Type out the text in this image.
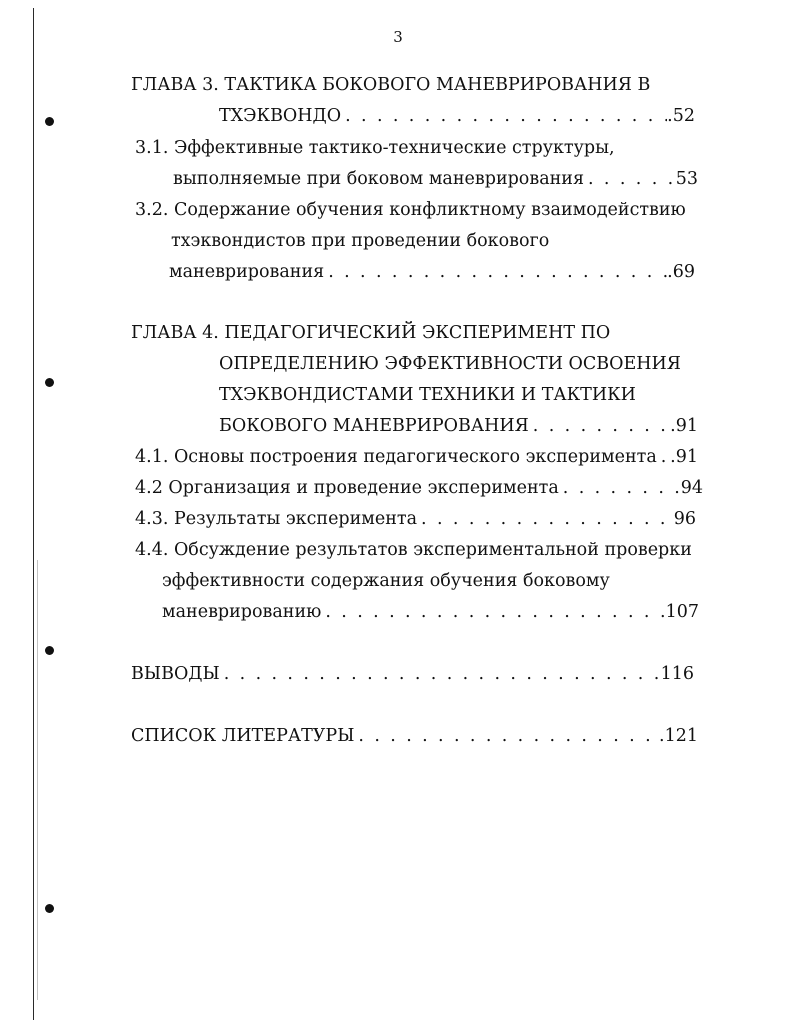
3
ГЛАВА 3. ТАКТИКА БОКОВОГО МАНЕВРИРОВАНИЯ В
ТХЭКВОНДО . . .	.52
3.1. Эффективные тактико-технические структуры,
выполняемые при боковом маневрирования . . .	53
3.2. Содержание обучения конфликтному взаимодействию
тхэквондистов при проведении бокового
маневрирования . . .	.69
ГЛАВА 4. ПЕДАГОГИЧЕСКИЙ ЭКСПЕРИМЕНТ ПО
ОПРЕДЕЛЕНИЮ ЭФФЕКТИВНОСТИ ОСВОЕНИЯ
ТХЭКВОНДИСТАМИ ТЕХНИКИ И ТАКТИКИ
БОКОВОГО МАНЕВРИРОВАНИЯ . . .	.91
4.1. Основы построения педагогического эксперимента . . . .91
4.2 Организация и проведение эксперимента . . .	94
4.3. Результаты эксперимента . . .	96
4.4. Обсуждение результатов экспериментальной проверки
эффективности содержания обучения боковому
маневрированию . . .	.107
ВЫВОДЫ . . .	116
СПИСОК ЛИТЕРАТУРЫ . . .	.121
